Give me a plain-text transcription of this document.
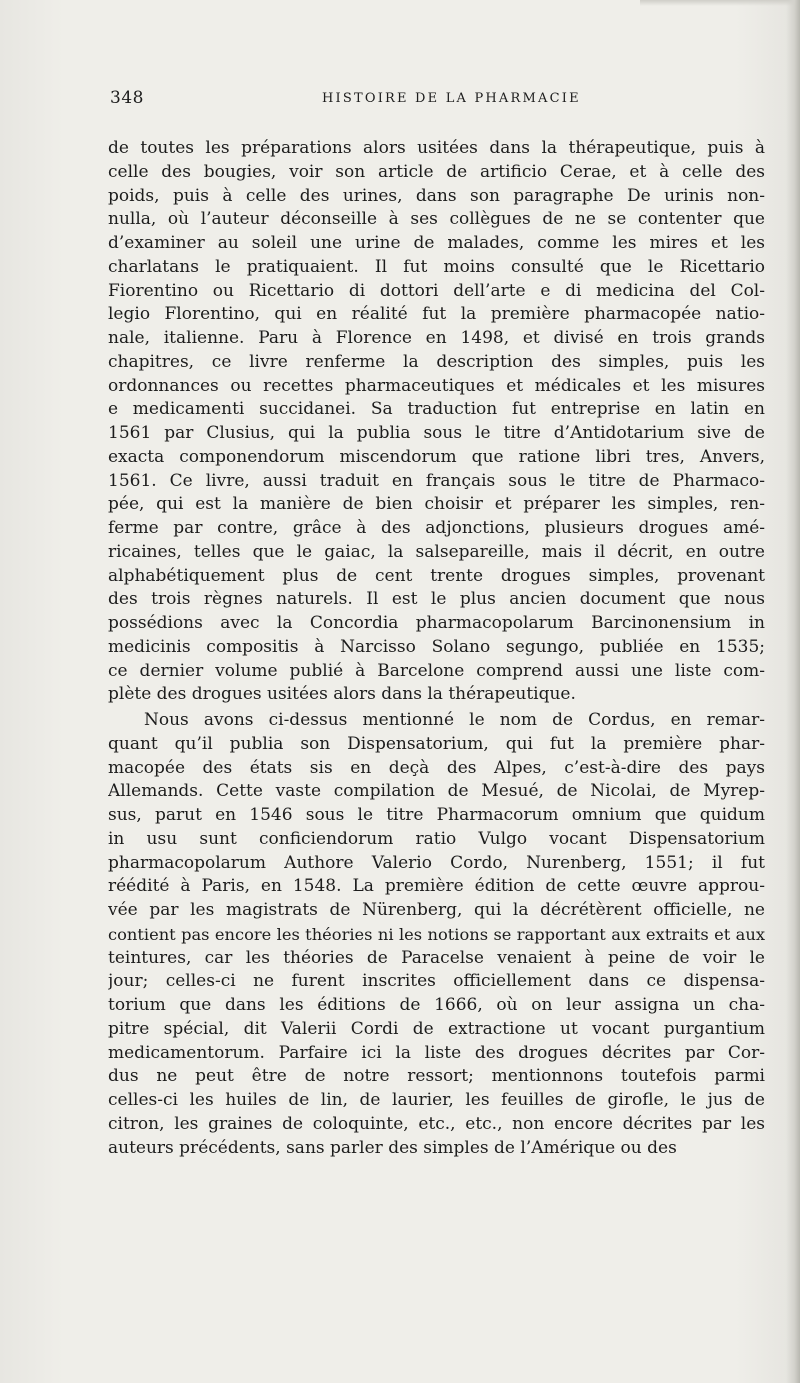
348	HISTOIRE DE LA PHARMACIE
de toutes les préparations alors usitées dans la thérapeutique, puis à
celle des bougies, voir son article de artificio Cerae, et à celle des
poids, puis à celle des urines, dans son paragraphe De urinis non-
nulla, où l’auteur déconseille à ses collègues de ne se contenter que
d’examiner au soleil une urine de malades, comme les mires et les
charlatans le pratiquaient. Il fut moins consulté que le Ricettario
Fiorentino ou Ricettario di dottori dell’arte e di medicina del Col-
legio Florentino, qui en réalité fut la première pharmacopée natio-
nale, italienne. Paru à Florence en 1498, et divisé en trois grands
chapitres, ce livre renferme la description des simples, puis les
ordonnances ou recettes pharmaceutiques et médicales et les misures
e medicamenti succidanei. Sa traduction fut entreprise en latin en
1561 par Clusius, qui la publia sous le titre d’Antidotarium sive de
exacta componendorum miscendorum que ratione libri tres, Anvers,
1561. Ce livre, aussi traduit en français sous le titre de Pharmaco-
pée, qui est la manière de bien choisir et préparer les simples, ren-
ferme par contre, grâce à des adjonctions, plusieurs drogues amé-
ricaines, telles que le gaiac, la salsepareille, mais il décrit, en outre
alphabétiquement plus de cent trente drogues simples, provenant
des trois règnes naturels. Il est le plus ancien document que nous
possédions avec la Concordia pharmacopolarum Barcinonensium in
medicinis compositis à Narcisso Solano segungo, publiée en 1535;
ce dernier volume publié à Barcelone comprend aussi une liste com-
plète des drogues usitées alors dans la thérapeutique.
Nous avons ci-dessus mentionné le nom de Cordus, en remar-
quant qu’il publia son Dispensatorium, qui fut la première phar-
macopée des états sis en deçà des Alpes, c’est-à-dire des pays
Allemands. Cette vaste compilation de Mesué, de Nicolai, de Myrep-
sus, parut en 1546 sous le titre Pharmacorum omnium que quidum
in usu sunt conficiendorum ratio Vulgo vocant Dispensatorium
pharmacopolarum Authore Valerio Cordo, Nurenberg, 1551; il fut
réédité à Paris, en 1548. La première édition de cette œuvre approu-
vée par les magistrats de Nürenberg, qui la décrétèrent officielle, ne
contient pas encore les théories ni les notions se rapportant aux extraits et aux
teintures, car les théories de Paracelse venaient à peine de voir le
jour; celles-ci ne furent inscrites officiellement dans ce dispensa-
torium que dans les éditions de 1666, où on leur assigna un cha-
pitre spécial, dit Valerii Cordi de extractione ut vocant purgantium
medicamentorum. Parfaire ici la liste des drogues décrites par Cor-
dus ne peut être de notre ressort; mentionnons toutefois parmi
celles-ci les huiles de lin, de laurier, les feuilles de girofle, le jus de
citron, les graines de coloquinte, etc., etc., non encore décrites par les
auteurs précédents, sans parler des simples de l’Amérique ou des
